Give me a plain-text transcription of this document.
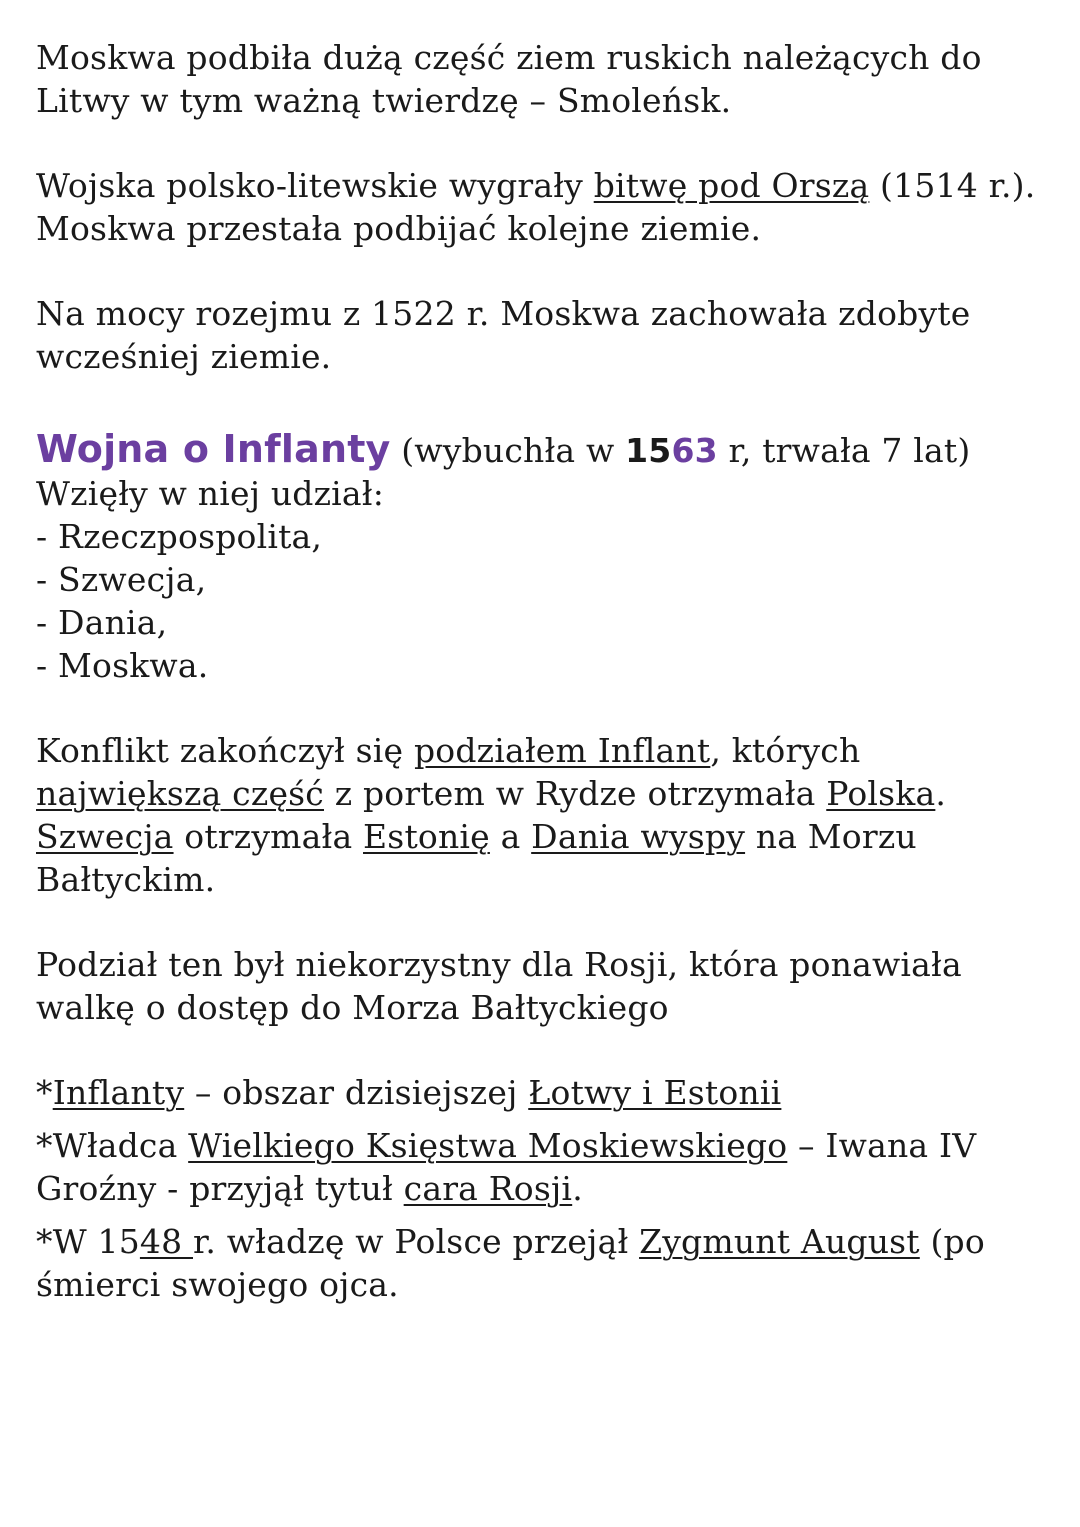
Moskwa podbiła dużą część ziem ruskich należących do Litwy w tym ważną twierdzę – Smoleńsk.

Wojska polsko-litewskie wygrały bitwę pod Orszą (1514 r.). Moskwa przestała podbijać kolejne ziemie.

Na mocy rozejmu z 1522 r. Moskwa zachowała zdobyte wcześniej ziemie.

Wojna o Inflanty (wybuchła w 1563 r, trwała 7 lat)

Wzięły w niej udział:

- Rzeczpospolita,

- Szwecja,

- Dania,

- Moskwa.

Konflikt zakończył się podziałem Inflant, których największą część z portem w Rydze otrzymała Polska. Szwecja otrzymała Estonię a Dania wyspy na Morzu Bałtyckim.

Podział ten był niekorzystny dla Rosji, która ponawiała walkę o dostęp do Morza Bałtyckiego

*Inflanty – obszar dzisiejszej Łotwy i Estonii

*Władca Wielkiego Księstwa Moskiewskiego – Iwana IV Groźny - przyjął tytuł cara Rosji.

*W 1548 r. władzę w Polsce przejął Zygmunt August (po śmierci swojego ojca.
